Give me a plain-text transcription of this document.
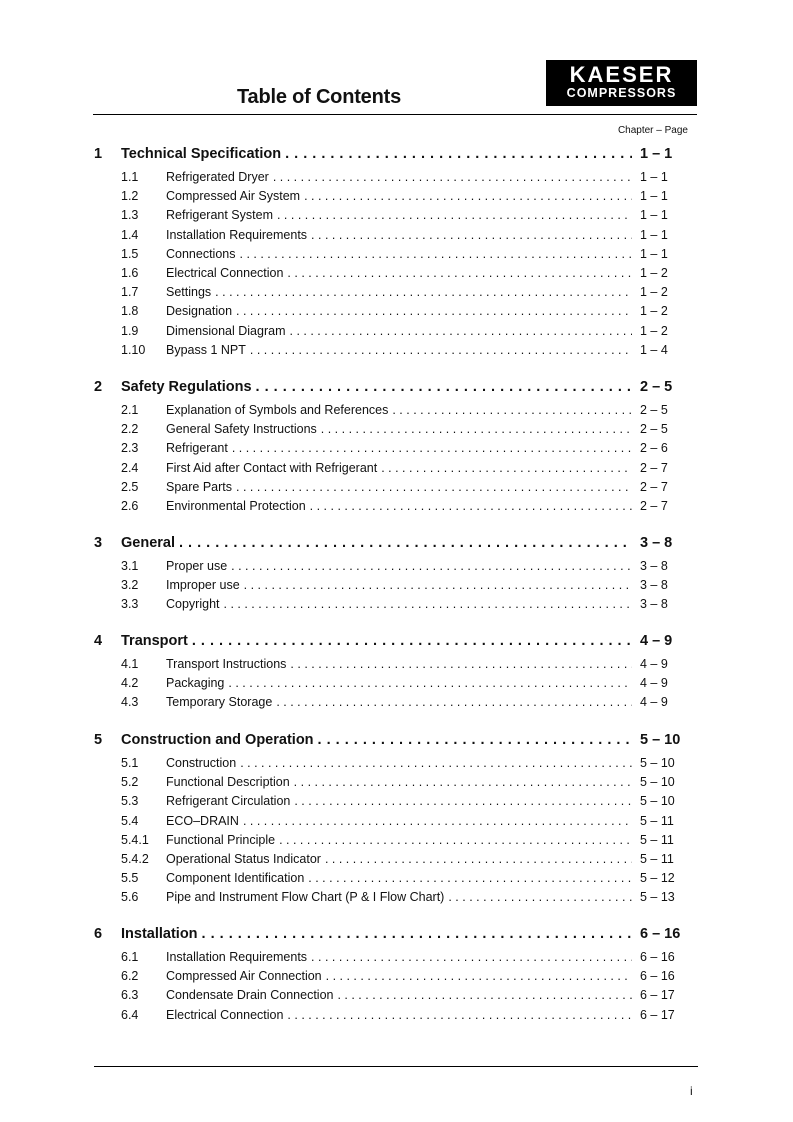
Table of Contents
KAESER
COMPRESSORS
Chapter – Page
1	Technical Specification . . .	1 – 1
1.1	Refrigerated Dryer . . .	1 – 1
1.2	Compressed Air System . . .	1 – 1
1.3	Refrigerant System . . .	1 – 1
1.4	Installation Requirements . . .	1 – 1
1.5	Connections . . .	1 – 1
1.6	Electrical Connection . . .	1 – 2
1.7	Settings . . .	1 – 2
1.8	Designation . . .	1 – 2
1.9	Dimensional Diagram . . .	1 – 2
1.10	Bypass 1 NPT . . .	1 – 4
2	Safety Regulations . . .	2 – 5
2.1	Explanation of Symbols and References . . .	2 – 5
2.2	General Safety Instructions . . .	2 – 5
2.3	Refrigerant . . .	2 – 6
2.4	First Aid after Contact with Refrigerant . . .	2 – 7
2.5	Spare Parts . . .	2 – 7
2.6	Environmental Protection . . .	2 – 7
3	General . . .	3 – 8
3.1	Proper use . . .	3 – 8
3.2	Improper use . . .	3 – 8
3.3	Copyright . . .	3 – 8
4	Transport . . .	4 – 9
4.1	Transport Instructions . . .	4 – 9
4.2	Packaging . . .	4 – 9
4.3	Temporary Storage . . .	4 – 9
5	Construction and Operation . . .	5 – 10
5.1	Construction . . .	5 – 10
5.2	Functional Description . . .	5 – 10
5.3	Refrigerant Circulation . . .	5 – 10
5.4	ECO–DRAIN . . .	5 – 11
5.4.1	Functional Principle . . .	5 – 11
5.4.2	Operational Status Indicator . . .	5 – 11
5.5	Component Identification . . .	5 – 12
5.6	Pipe and Instrument Flow Chart (P & I Flow Chart) . . .	5 – 13
6	Installation . . .	6 – 16
6.1	Installation Requirements . . .	6 – 16
6.2	Compressed Air Connection . . .	6 – 16
6.3	Condensate Drain Connection . . .	6 – 17
6.4	Electrical Connection . . .	6 – 17
i
